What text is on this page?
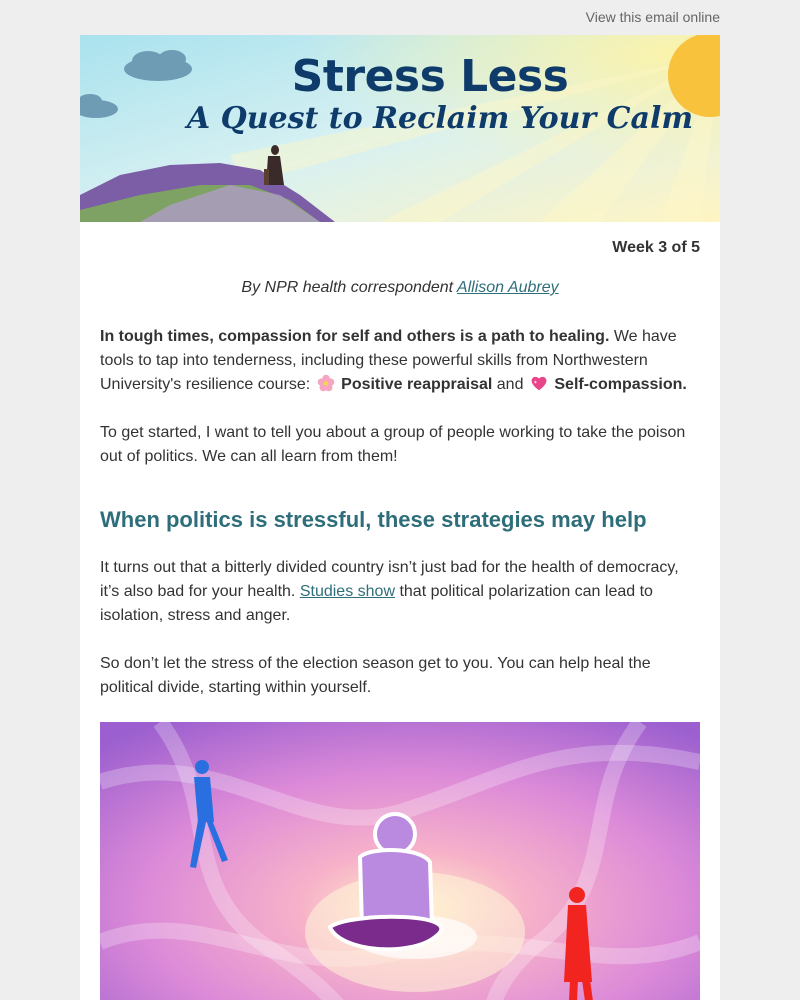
View this email online
Stress Less
A Quest to Reclaim Your Calm
Week 3 of 5
By NPR health correspondent Allison Aubrey

In tough times, compassion for self and others is a path to healing. We have tools to tap into tenderness, including these powerful skills from Northwestern University's resilience course:  Positive reappraisal and  Self-compassion.

To get started, I want to tell you about a group of people working to take the poison out of politics. We can all learn from them!

When politics is stressful, these strategies may help

It turns out that a bitterly divided country isn’t just bad for the health of democracy, it’s also bad for your health. Studies show that political polarization can lead to isolation, stress and anger.

So don’t let the stress of the election season get to you. You can help heal the political divide, starting within yourself.
